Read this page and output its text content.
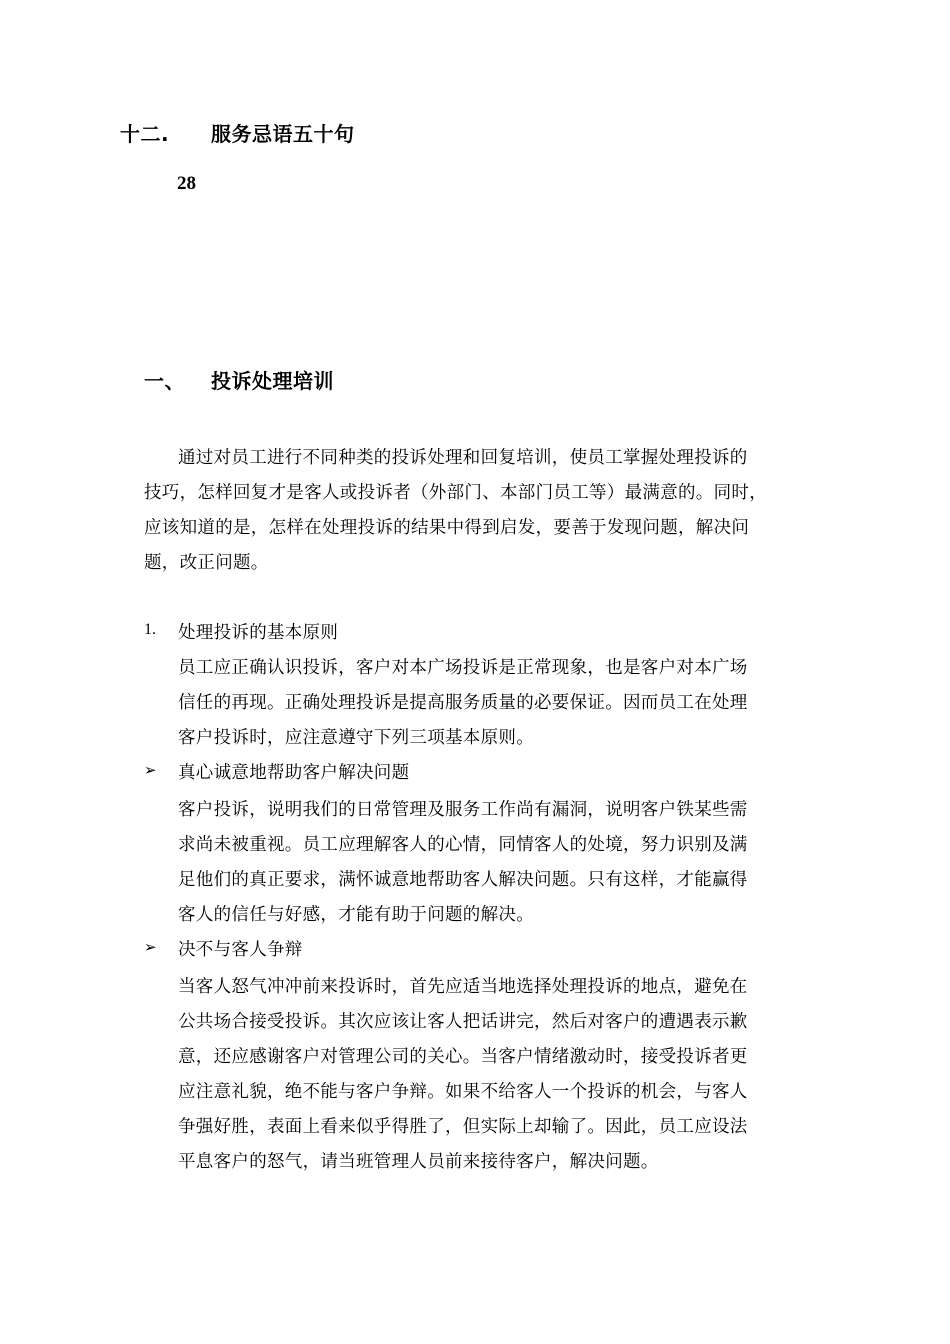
十二. 服务忌语五十句
28
一、 投诉处理培训
通过对员工进行不同种类的投诉处理和回复培训，使员工掌握处理投诉的
技巧，怎样回复才是客人或投诉者（外部门、本部门员工等）最满意的。同时，
应该知道的是，怎样在处理投诉的结果中得到启发，要善于发现问题，解决问
题，改正问题。
1. 处理投诉的基本原则
员工应正确认识投诉，客户对本广场投诉是正常现象，也是客户对本广场
信任的再现。正确处理投诉是提高服务质量的必要保证。因而员工在处理
客户投诉时，应注意遵守下列三项基本原则。
➢ 真心诚意地帮助客户解决问题
客户投诉，说明我们的日常管理及服务工作尚有漏洞，说明客户铁某些需
求尚未被重视。员工应理解客人的心情，同情客人的处境，努力识别及满
足他们的真正要求，满怀诚意地帮助客人解决问题。只有这样，才能赢得
客人的信任与好感，才能有助于问题的解决。
➢ 决不与客人争辩
当客人怒气冲冲前来投诉时，首先应适当地选择处理投诉的地点，避免在
公共场合接受投诉。其次应该让客人把话讲完，然后对客户的遭遇表示歉
意，还应感谢客户对管理公司的关心。当客户情绪激动时，接受投诉者更
应注意礼貌，绝不能与客户争辩。如果不给客人一个投诉的机会，与客人
争强好胜，表面上看来似乎得胜了，但实际上却输了。因此，员工应设法
平息客户的怒气，请当班管理人员前来接待客户，解决问题。
